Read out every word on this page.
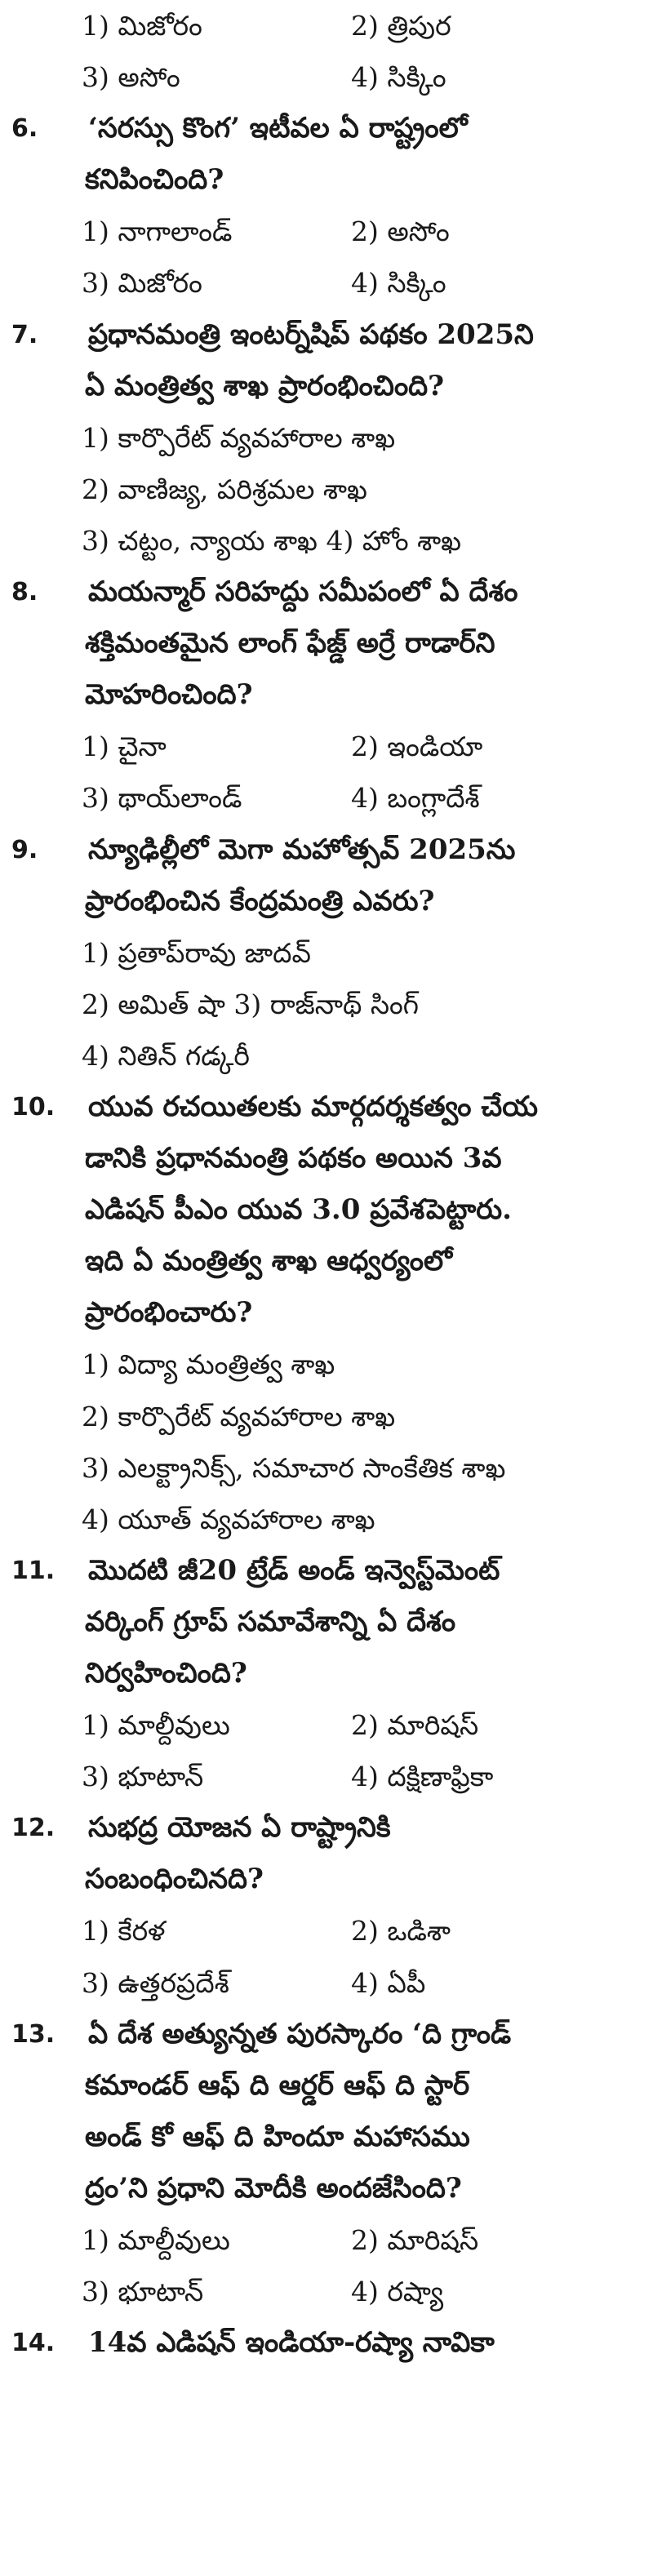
1) మిజోరం	2) త్రిపుర
3) అసోం	4) సిక్కిం
6. ‘సరస్సు కొంగ’ ఇటీవల ఏ రాష్ట్రంలో
కనిపించింది?
1) నాగాలాండ్	2) అసోం
3) మిజోరం	4) సిక్కిం
7. ప్రధానమంత్రి ఇంటర్న్‌షిప్ పథకం 2025ని
ఏ మంత్రిత్వ శాఖ ప్రారంభించింది?
1) కార్పొరేట్ వ్యవహారాల శాఖ
2) వాణిజ్య, పరిశ్రమల శాఖ
3) చట్టం, న్యాయ శాఖ 4) హోం శాఖ
8. మయన్మార్ సరిహద్దు సమీపంలో ఏ దేశం
శక్తిమంతమైన లాంగ్ ఫేజ్డ్ అర్రే రాడార్‌ని
మోహరించింది?
1) చైనా	2) ఇండియా
3) థాయ్‌లాండ్	4) బంగ్లాదేశ్
9. న్యూఢిల్లీలో మెగా మహోత్సవ్ 2025ను
ప్రారంభించిన కేంద్రమంత్రి ఎవరు?
1) ప్రతాప్‌రావు జాదవ్
2) అమిత్ షా 3) రాజ్‌నాథ్ సింగ్
4) నితిన్ గడ్కరీ
10. యువ రచయితలకు మార్గదర్శకత్వం చేయ
డానికి ప్రధానమంత్రి పథకం అయిన 3వ
ఎడిషన్ పీఎం యువ 3.0 ప్రవేశపెట్టారు.
ఇది ఏ మంత్రిత్వ శాఖ ఆధ్వర్యంలో
ప్రారంభించారు?
1) విద్యా మంత్రిత్వ శాఖ
2) కార్పొరేట్ వ్యవహారాల శాఖ
3) ఎలక్ట్రానిక్స్, సమాచార సాంకేతిక శాఖ
4) యూత్ వ్యవహారాల శాఖ
11. మొదటి జీ20 ట్రేడ్ అండ్ ఇన్వెస్ట్‌మెంట్
వర్కింగ్ గ్రూప్ సమావేశాన్ని ఏ దేశం
నిర్వహించింది?
1) మాల్దీవులు	2) మారిషస్
3) భూటాన్	4) దక్షిణాఫ్రికా
12. సుభద్ర యోజన ఏ రాష్ట్రానికి
సంబంధించినది?
1) కేరళ	2) ఒడిశా
3) ఉత్తరప్రదేశ్	4) ఏపీ
13. ఏ దేశ అత్యున్నత పురస్కారం ‘ది గ్రాండ్
కమాండర్ ఆఫ్ ది ఆర్డర్ ఆఫ్ ది స్టార్
అండ్ కో ఆఫ్ ది హిందూ మహాసము
ద్రం’ని ప్రధాని మోదీకి అందజేసింది?
1) మాల్దీవులు	2) మారిషస్
3) భూటాన్	4) రష్యా
14. 14వ ఎడిషన్ ఇండియా-రష్యా నావికా
